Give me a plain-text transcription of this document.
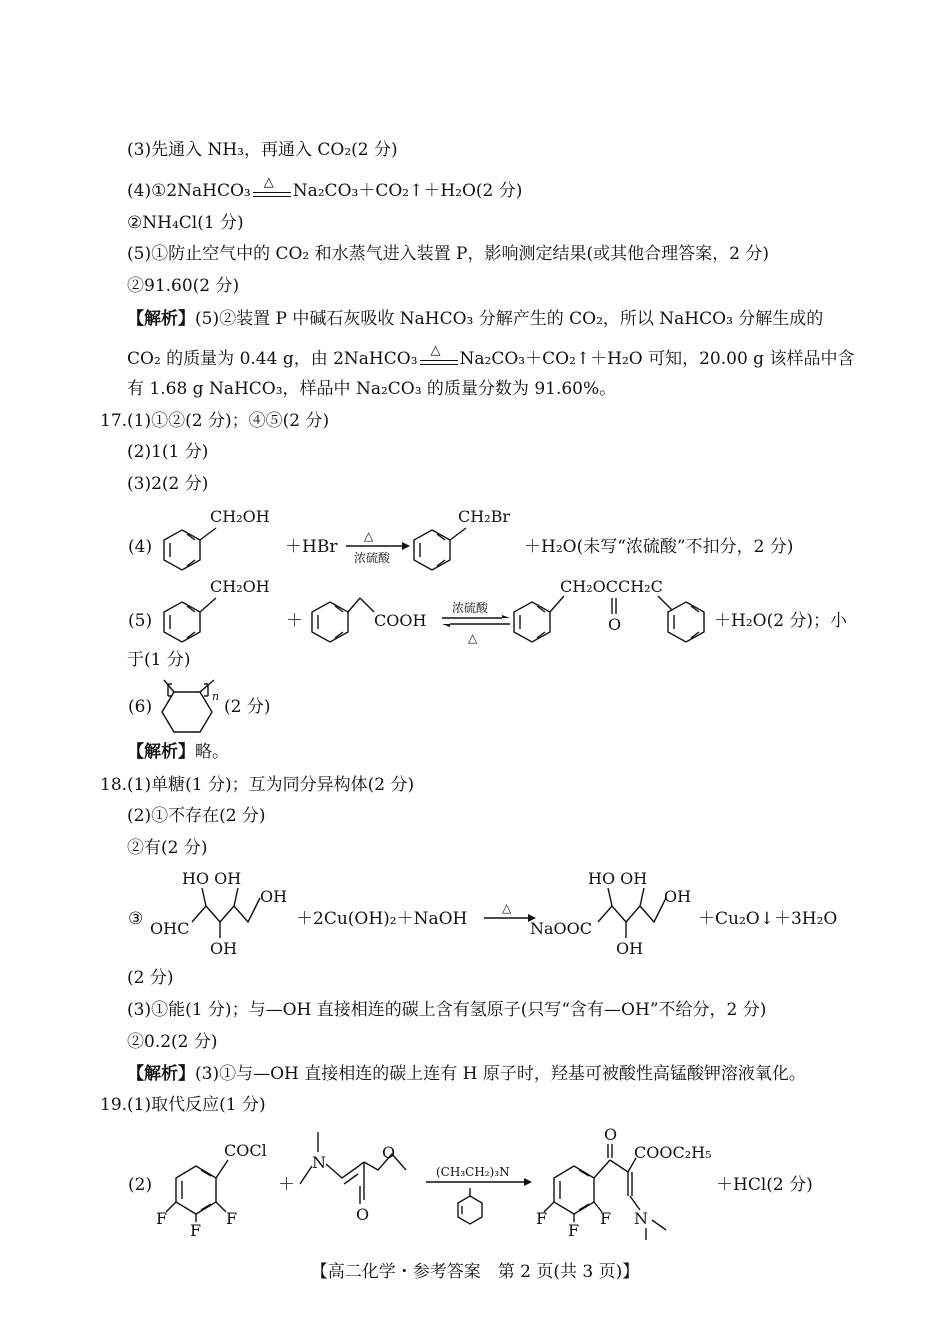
(3)先通入 NH₃，再通入 CO₂(2 分)
(4)①2NaHCO₃ △ Na₂CO₃＋CO₂↑＋H₂O(2 分)
②NH₄Cl(1 分)
(5)①防止空气中的 CO₂ 和水蒸气进入装置 P，影响测定结果(或其他合理答案，2 分)
②91.60(2 分)
【解析】(5)②装置 P 中碱石灰吸收 NaHCO₃ 分解产生的 CO₂，所以 NaHCO₃ 分解生成的
CO₂ 的质量为 0.44 g，由 2NaHCO₃ △ Na₂CO₃＋CO₂↑＋H₂O 可知，20.00 g 该样品中含
有 1.68 g NaHCO₃，样品中 Na₂CO₃ 的质量分数为 91.60%。
17.(1)①②(2 分)；④⑤(2 分)
(2)1(1 分)
(3)2(2 分)
(4)
CH₂OH
＋HBr
△
浓硫酸
CH₂Br
＋H₂O(未写“浓硫酸”不扣分，2 分)
(5)
CH₂OH
＋	COOH
浓硫酸
△
CH₂OCCH₂C
O	＋H₂O(2 分)；小
于(1 分)
(6)
n
(2 分)
【解析】略。
18.(1)单糖(1 分)；互为同分异构体(2 分)
(2)①不存在(2 分)
②有(2 分)
③
HO OH
OH
OHC
OH
＋2Cu(OH)₂＋NaOH
△
HO OH
OH
NaOOC
OH
＋Cu₂O↓＋3H₂O
(2 分)
(3)①能(1 分)；与—OH 直接相连的碳上含有氢原子(只写“含有—OH”不给分，2 分)
②0.2(2 分)
【解析】(3)①与—OH 直接相连的碳上连有 H 原子时，羟基可被酸性高锰酸钾溶液氧化。
19.(1)取代反应(1 分)
(2)
COCl
F
F
F
＋
N
O
O
(CH₃CH₂)₃N
O
COOC₂H₅
N
F
F
F
＋HCl(2 分)
【高二化学・参考答案　第 2 页(共 3 页)】
